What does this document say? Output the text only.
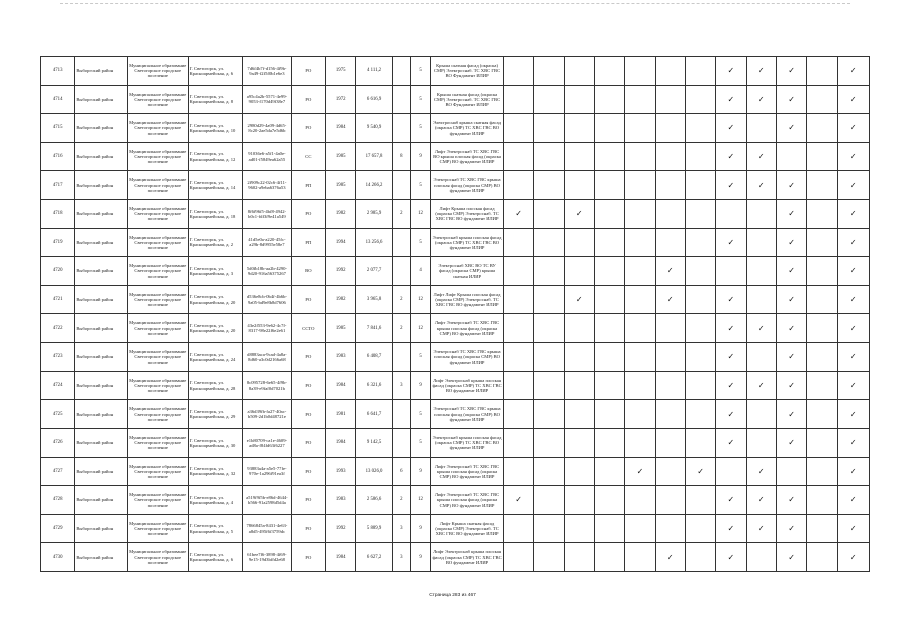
4713	Выборгский район	Муниципальное образование Светогорское городское поселение	Г. Светогорск, ул. Красноармейская, д. 6	7d6f4b7f-d156-4f9b-9a49-f2f5f0b1e6e3	РО	1975	4 111,2		5	Крыша скатная фасад (окраска) СМР) Электроснаб. ТС ХВС ГВС ВО Фундамент ИЛИР								✓	✓	✓		✓
4714	Выборгский район	Муниципальное образование Светогорское городское поселение	Г. Светогорск, ул. Красноармейская, д. 8	a95c4a2b-5571-4e99-9053-f170d49f38e7	РО	1972	6 616,9		5	Крыша скатная фасад (окраска СМР) Электроснаб. ТС ХВС ГВС ВО Фундамент ИЛИР								✓	✓	✓		✓
4715	Выборгский район	Муниципальное образование Светогорское городское поселение	Г. Светогорск, ул. Красноармейская, д. 10	2980d29-4a09-4d65-8c20-2ae5da7e5d6b	РО	1984	9 540,9		5	Электроснаб крыша скатная фасад (окраска СМР) ТС ХВС ГВС ВО фундамент ИЛИР								✓		✓		✓
4716	Выборгский район	Муниципальное образование Светогорское городское поселение	Г. Светогорск, ул. Красноармейская, д. 12	91036e6-a5f1-4a0e-ad01-f5849ea62a55	СС	1985	17 657,8	8	9	Лифт Электроснаб ТС ХВС ГВС ВО крыша плоская фасад (окраска СМР) ВО фундамент ИЛИР								✓	✓			✓
4717	Выборгский район	Муниципальное образование Светогорское городское поселение	Г. Светогорск, ул. Красноармейская, д. 14	2f909c22-02c6-4f11-9602-a9eba6376a53	РП	1985	14 266,2		5	Электроснаб ТС ХВС ГВС крыша плоская фасад (окраска СМР) ВО фундамент ИЛИР								✓	✓	✓		✓
4718	Выборгский район	Муниципальное образование Светогорское городское поселение	Г. Светогорск, ул. Красноармейская, д. 18	8f6f96f5-4bf8-4942-b0c1-fdf3f9e41a549	РО	1982	2 985,9	2	12	Лифт Крыша плоская фасад (окраска СМР) Электроснаб. ТС ХВС ГВС ВО фундамент ИЛИР	✓		✓							✓		✓
4719	Выборгский район	Муниципальное образование Светогорское городское поселение	Г. Светогорск, ул. Красноармейская, д. 2	41d5e0a-a220-45fc-a29b-8d9955e58e7	РП	1994	13 256,6		5	Электроснаб крыша плоская фасад (окраска СМР) ТС ХВС ГВС ВО фундамент ИЛИР								✓		✓		✓
4720	Выборгский район	Муниципальное образование Светогорское городское поселение	Г. Светогорск, ул. Красноармейская, д. 3	5d0fb18b-aa2b-4290-9d20-916a56375267	ВО	1992	2 077,7		4	Электроснаб ХВС ВО ТС ВУ фасад (окраска СМР) крыша скатная ИЛИР						✓				✓		✓
4721	Выборгский район	Муниципальное образование Светогорское городское поселение	Г. Светогорск, ул. Красноармейская, д. 20	d536e8cb-0b4f-4b6b-9a05-bd9e8b8d7606	РО	1982	3 965,8	2	12	Лифт Лифт Крыша плоская фасад (окраска СМР) Электроснаб. ТС ХВС ГВС ВО фундамент ИЛИР			✓			✓		✓		✓		✓
4722	Выборгский район	Муниципальное образование Светогорское городское поселение	Г. Светогорск, ул. Красноармейская, д. 20	43e2f553-9e62-4c7f-8317-98e22f6e2e61	ССТО	1985	7 841,6	2	12	Лифт Электроснаб ТС ХВС ГВС крыша плоская фасад (окраска СМР) ВО фундамент ИЛИР								✓	✓	✓		✓
4723	Выборгский район	Муниципальное образование Светогорское городское поселение	Г. Светогорск, ул. Красноармейская, д. 24	d8883aca-9cad-4a8a-8d60-a3c0d2166a68	РО	1983	6 408,7		5	Электроснаб ТС ХВС ГВС крыша плоская фасад (окраска СМР) ВО фундамент ИЛИР								✓		✓		✓
4724	Выборгский район	Муниципальное образование Светогорское городское поселение	Г. Светогорск, ул. Красноармейская, д. 28	8c095728-6e65-4f9b-8a39-e9faf0d7021b	РО	1984	6 321,6	3	9	Лифт Электроснаб крыша плоская фасад (окраска СМР) ТС ХВС ГВС ВО фундамент ИЛИР								✓	✓	✓		✓
4725	Выборгский район	Муниципальное образование Светогорское городское поселение	Г. Светогорск, ул. Красноармейская, д. 29	a36d39fb-fa27-40ac-b509-2d1b0d48721e	РО	1981	6 641,7		5	Электроснаб ТС ХВС ГВС крыша плоская фасад (окраска СМР) ВО фундамент ИЛИР								✓		✓		✓
4726	Выборгский район	Муниципальное образование Светогорское городское поселение	Г. Светогорск, ул. Красноармейская, д. 30	e1b80709-ca1e-4609-ad8a-f84fd63f6227	РО	1984	9 142,5		5	Электроснаб крыша плоская фасад (окраска СМР) ТС ХВС ГВС ВО фундамент ИЛИР								✓		✓		✓
4727	Выборгский район	Муниципальное образование Светогорское городское поселение	Г. Светогорск, ул. Красноармейская, д. 32	93883a4a-a5e5-77fe-970e-1a296f91ea3f	РО	1993	13 026,0	6	9	Лифт Электроснаб ТС ХВС ГВС крыша плоская фасад (окраска СМР) ВО фундамент ИЛИР					✓		✓		✓			✓
4728	Выборгский район	Муниципальное образование Светогорское городское поселение	Г. Светогорск, ул. Красноармейская, д. 4	a519f9f5b-e86d-4644-b566-91a2598d5d4a	РО	1983	2 586,6	2	12	Лифт Электроснаб ТС ХВС ГВС крыша плоская фасад (окраска СМР) ВО фундамент ИЛИР	✓							✓	✓	✓		✓
4729	Выборгский район	Муниципальное образование Светогорское городское поселение	Г. Светогорск, ул. Красноармейская, д. 5	7866845a-8431-4e63-a8d5-495f6f3759dc	РО	1992	5 889,9	3	9	Лифт Крыша скатная фасад (окраска СМР) Электроснаб. ТС ХВС ГВС ВО фундамент ИЛИР								✓	✓	✓		✓
4730	Выборгский район	Муниципальное образование Светогорское городское поселение	Г. Светогорск, ул. Красноармейская, д. 6	61bee7f6-3898-4f69-9e15-19d3bffd2e68	РО	1984	6 627,2	3	9	Лифт Электроснаб крыша плоская фасад (окраска СМР) ТС ХВС ГВС ВО фундамент ИЛИР						✓		✓		✓		✓
Страница 283 из 467
